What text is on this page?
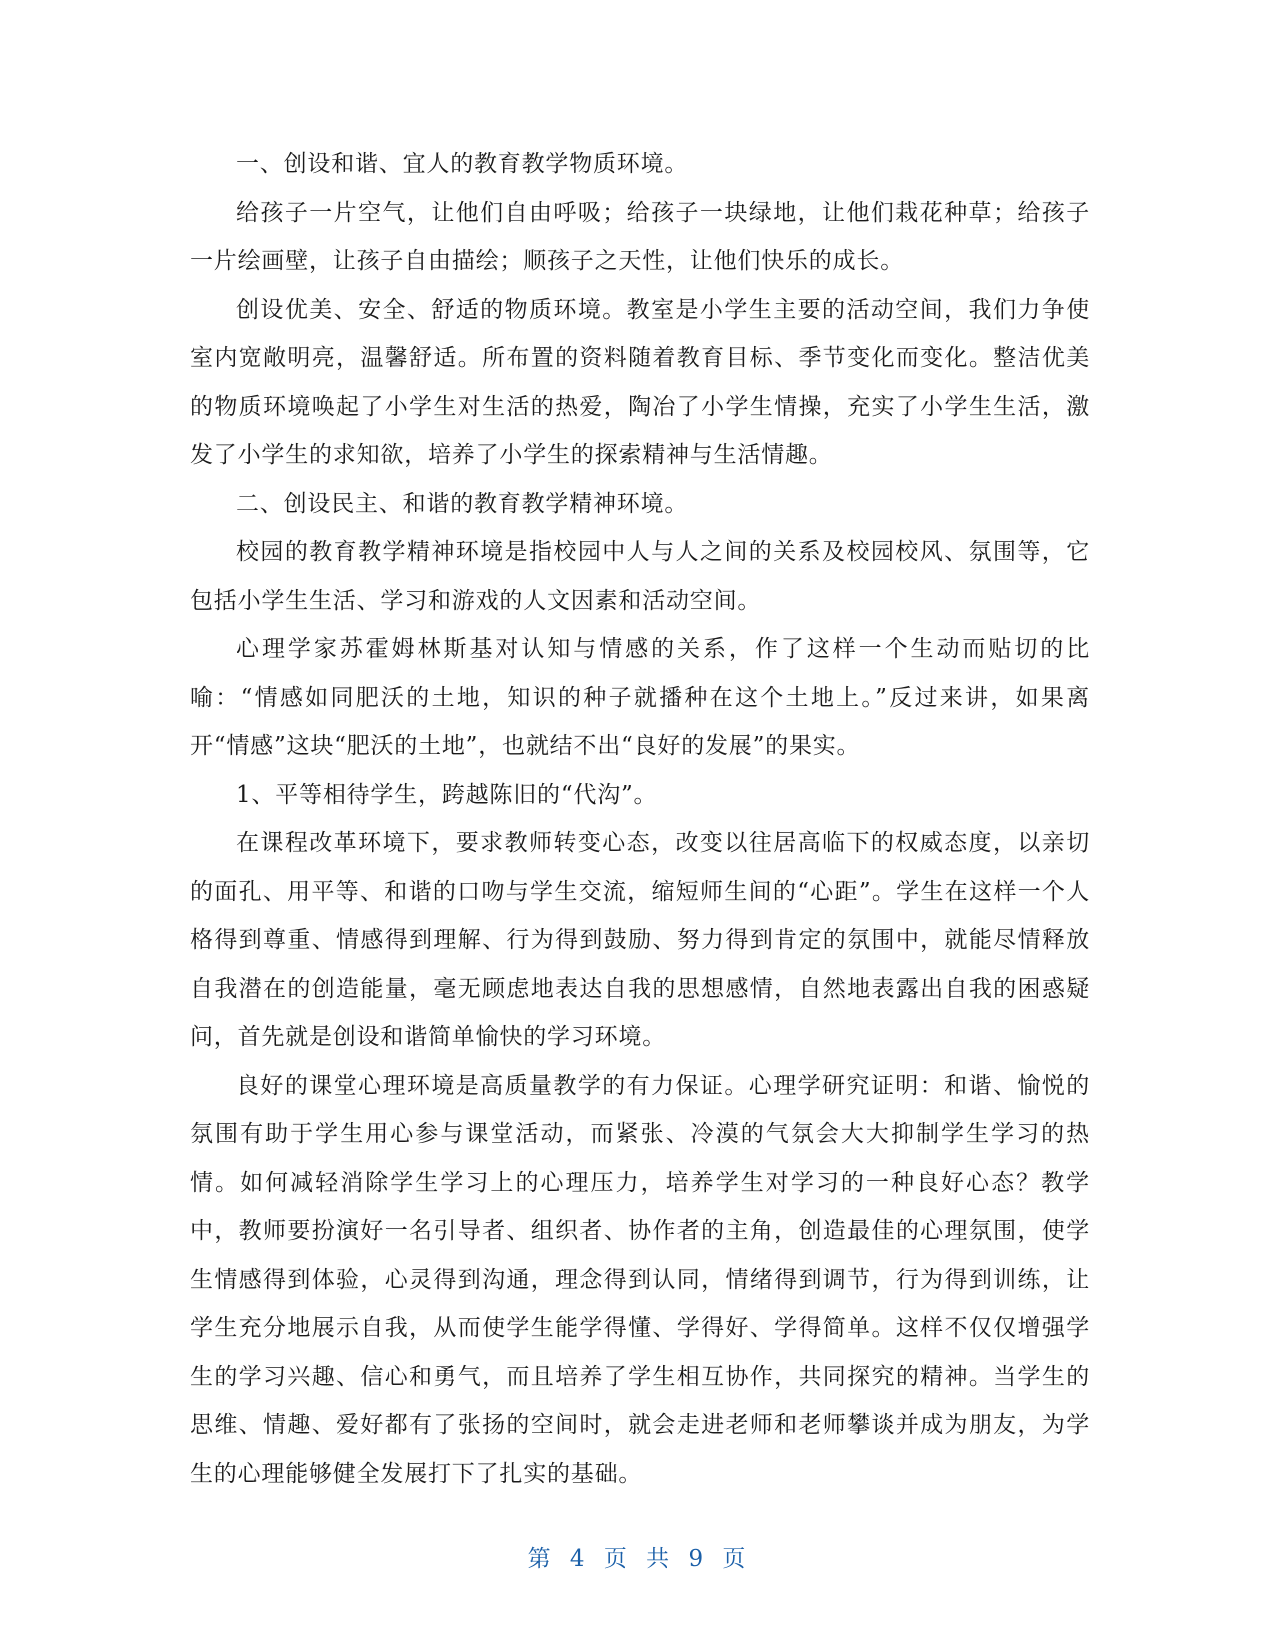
一、创设和谐、宜人的教育教学物质环境。

给孩子一片空气，让他们自由呼吸；给孩子一块绿地，让他们栽花种草；给孩子一片绘画壁，让孩子自由描绘；顺孩子之天性，让他们快乐的成长。

创设优美、安全、舒适的物质环境。教室是小学生主要的活动空间，我们力争使室内宽敞明亮，温馨舒适。所布置的资料随着教育目标、季节变化而变化。整洁优美的物质环境唤起了小学生对生活的热爱，陶冶了小学生情操，充实了小学生生活，激发了小学生的求知欲，培养了小学生的探索精神与生活情趣。

二、创设民主、和谐的教育教学精神环境。

校园的教育教学精神环境是指校园中人与人之间的关系及校园校风、氛围等，它包括小学生生活、学习和游戏的人文因素和活动空间。

心理学家苏霍姆林斯基对认知与情感的关系，作了这样一个生动而贴切的比喻：“情感如同肥沃的土地，知识的种子就播种在这个土地上。”反过来讲，如果离开“情感”这块“肥沃的土地”，也就结不出“良好的发展”的果实。

1、平等相待学生，跨越陈旧的“代沟”。

在课程改革环境下，要求教师转变心态，改变以往居高临下的权威态度，以亲切的面孔、用平等、和谐的口吻与学生交流，缩短师生间的“心距”。学生在这样一个人格得到尊重、情感得到理解、行为得到鼓励、努力得到肯定的氛围中，就能尽情释放自我潜在的创造能量，毫无顾虑地表达自我的思想感情，自然地表露出自我的困惑疑问，首先就是创设和谐简单愉快的学习环境。

良好的课堂心理环境是高质量教学的有力保证。心理学研究证明：和谐、愉悦的氛围有助于学生用心参与课堂活动，而紧张、冷漠的气氛会大大抑制学生学习的热情。如何减轻消除学生学习上的心理压力，培养学生对学习的一种良好心态？教学中，教师要扮演好一名引导者、组织者、协作者的主角，创造最佳的心理氛围，使学生情感得到体验，心灵得到沟通，理念得到认同，情绪得到调节，行为得到训练，让学生充分地展示自我，从而使学生能学得懂、学得好、学得简单。这样不仅仅增强学生的学习兴趣、信心和勇气，而且培养了学生相互协作，共同探究的精神。当学生的思维、情趣、爱好都有了张扬的空间时，就会走进老师和老师攀谈并成为朋友，为学生的心理能够健全发展打下了扎实的基础。

第 4 页 共 9 页
